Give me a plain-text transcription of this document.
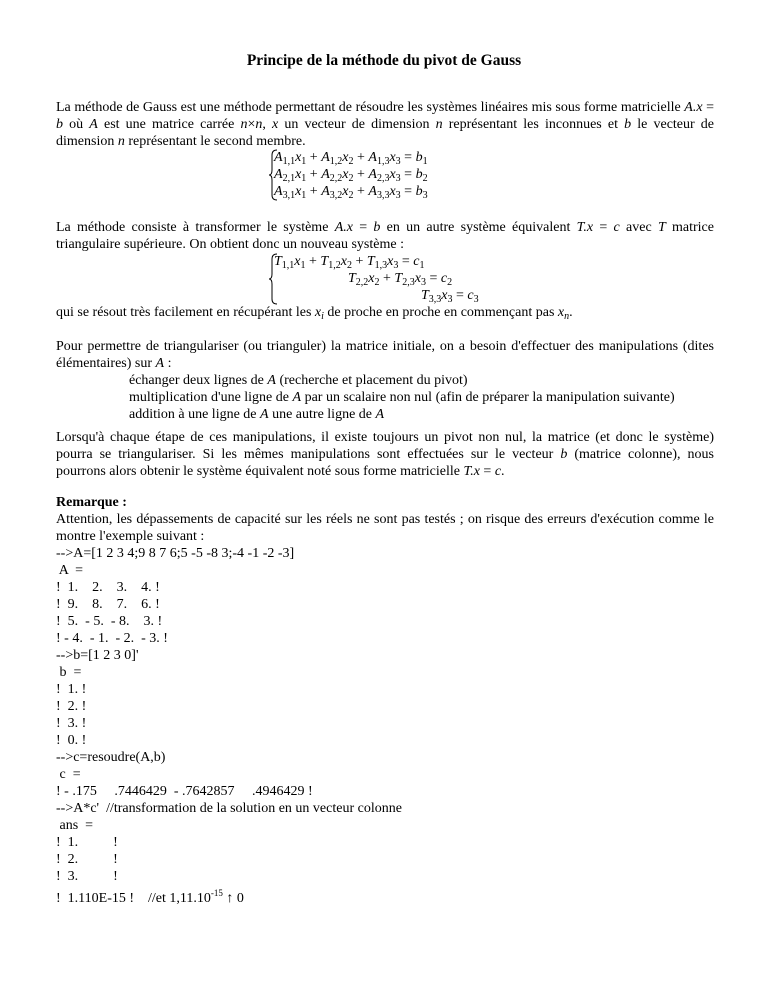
Principe de la méthode du pivot de Gauss

La méthode de Gauss est une méthode permettant de résoudre les systèmes linéaires mis sous forme matricielle A.x = b où A est une matrice carrée n×n, x un vecteur de dimension n représentant les inconnues et b le vecteur de dimension n représentant le second membre.

$A_{1,1}x_1 + A_{1,2}x_2 + A_{1,3}x_3 = b_1$
$A_{2,1}x_1 + A_{2,2}x_2 + A_{2,3}x_3 = b_2$
$A_{3,1}x_1 + A_{3,2}x_2 + A_{3,3}x_3 = b_3$

La méthode consiste à transformer le système A.x = b en un autre système équivalent T.x = c avec T matrice triangulaire supérieure. On obtient donc un nouveau système :

$T_{1,1}x_1 + T_{1,2}x_2 + T_{1,3}x_3 = c_1$
$T_{2,2}x_2 + T_{2,3}x_3 = c_2$
$T_{3,3}x_3 = c_3$

qui se résout très facilement en récupérant les $x_i$ de proche en proche en commençant pas $x_n$.

Pour permettre de triangulariser (ou trianguler) la matrice initiale, on a besoin d'effectuer des manipulations (dites élémentaires) sur A :

échanger deux lignes de A (recherche et placement du pivot)
multiplication d'une ligne de A par un scalaire non nul (afin de préparer la manipulation suivante)
addition à une ligne de A une autre ligne de A

Lorsqu'à chaque étape de ces manipulations, il existe toujours un pivot non nul, la matrice (et donc le système) pourra se triangulariser. Si les mêmes manipulations sont effectuées sur le vecteur b (matrice colonne), nous pourrons alors obtenir le système équivalent noté sous forme matricielle T.x = c.

Remarque :

Attention, les dépassements de capacité sur les réels ne sont pas testés ; on risque des erreurs d'exécution comme le montre l'exemple suivant :

-->A=[1 2 3 4;9 8 7 6;5 -5 -8 3;-4 -1 -2 -3]
A  =
!  1.    2.    3.    4. !
!  9.    8.    7.    6. !
!  5.  - 5.  - 8.    3. !
! - 4.  - 1.  - 2.  - 3. !
-->b=[1 2 3 0]'
b  =
!  1. !
!  2. !
!  3. !
!  0. !
-->c=resoudre(A,b)
c  =
! - .175     .7446429  - .7642857     .4946429 !
-->A*c'  //transformation de la solution en un vecteur colonne
ans  =
!  1.          !
!  2.          !
!  3.          !
!  1.110E-15 !    //et $1,11.10^{-15}$ ↑ 0
